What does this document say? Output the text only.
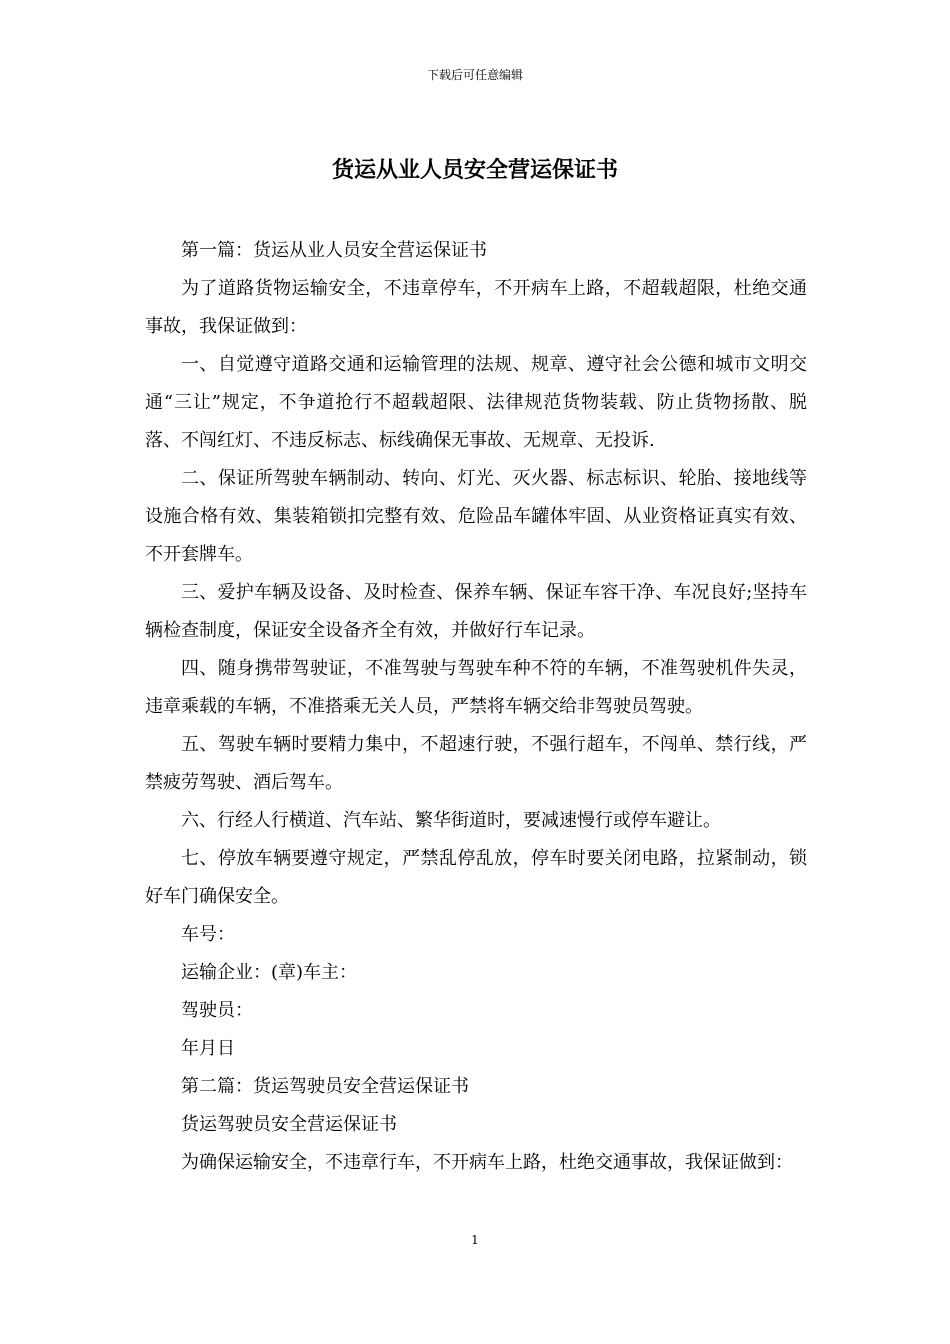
下载后可任意编辑
货运从业人员安全营运保证书

第一篇：货运从业人员安全营运保证书

为了道路货物运输安全，不违章停车，不开病车上路，不超载超限，杜绝交通事故，我保证做到：

一、自觉遵守道路交通和运输管理的法规、规章、遵守社会公德和城市文明交通“三让”规定，不争道抢行不超载超限、法律规范货物装载、防止货物扬散、脱落、不闯红灯、不违反标志、标线确保无事故、无规章、无投诉.

二、保证所驾驶车辆制动、转向、灯光、灭火器、标志标识、轮胎、接地线等设施合格有效、集装箱锁扣完整有效、危险品车罐体牢固、从业资格证真实有效、不开套牌车。

三、爱护车辆及设备、及时检查、保养车辆、保证车容干净、车况良好;坚持车辆检查制度，保证安全设备齐全有效，并做好行车记录。

四、随身携带驾驶证，不准驾驶与驾驶车种不符的车辆，不准驾驶机件失灵，违章乘载的车辆，不准搭乘无关人员，严禁将车辆交给非驾驶员驾驶。

五、驾驶车辆时要精力集中，不超速行驶，不强行超车，不闯单、禁行线，严禁疲劳驾驶、酒后驾车。

六、行经人行横道、汽车站、繁华街道时，要减速慢行或停车避让。

七、停放车辆要遵守规定，严禁乱停乱放，停车时要关闭电路，拉紧制动，锁好车门确保安全。

车号：

运输企业：(章)车主：

驾驶员：

年月日

第二篇：货运驾驶员安全营运保证书

货运驾驶员安全营运保证书

为确保运输安全，不违章行车，不开病车上路，杜绝交通事故，我保证做到：

1
